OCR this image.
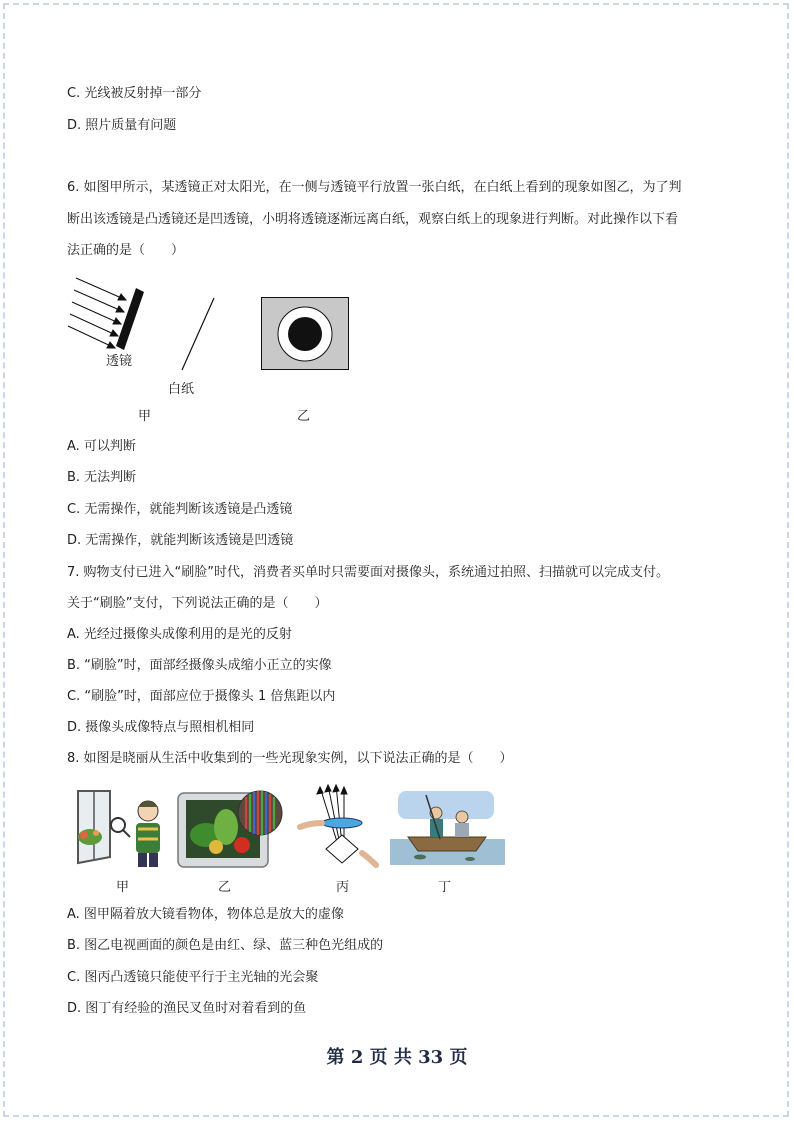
C. 光线被反射掉一部分
D. 照片质量有问题
6. 如图甲所示，某透镜正对太阳光，在一侧与透镜平行放置一张白纸，在白纸上看到的现象如图乙，为了判
断出该透镜是凸透镜还是凹透镜，小明将透镜逐渐远离白纸，观察白纸上的现象进行判断。对此操作以下看
法正确的是（　　）
透镜
白纸
甲	乙
A. 可以判断
B. 无法判断
C. 无需操作，就能判断该透镜是凸透镜
D. 无需操作，就能判断该透镜是凹透镜
7. 购物支付已进入“刷脸”时代，消费者买单时只需要面对摄像头，系统通过拍照、扫描就可以完成支付。
关于“刷脸”支付，下列说法正确的是（　　）
A. 光经过摄像头成像利用的是光的反射
B. “刷脸”时，面部经摄像头成缩小正立的实像
C. “刷脸”时，面部应位于摄像头 1 倍焦距以内
D. 摄像头成像特点与照相机相同
8. 如图是晓丽从生活中收集到的一些光现象实例，以下说法正确的是（　　）
甲	乙	丙	丁
A. 图甲隔着放大镜看物体，物体总是放大的虚像
B. 图乙电视画面的颜色是由红、绿、蓝三种色光组成的
C. 图丙凸透镜只能使平行于主光轴的光会聚
D. 图丁有经验的渔民叉鱼时对着看到的鱼
第 2 页 共 33 页
